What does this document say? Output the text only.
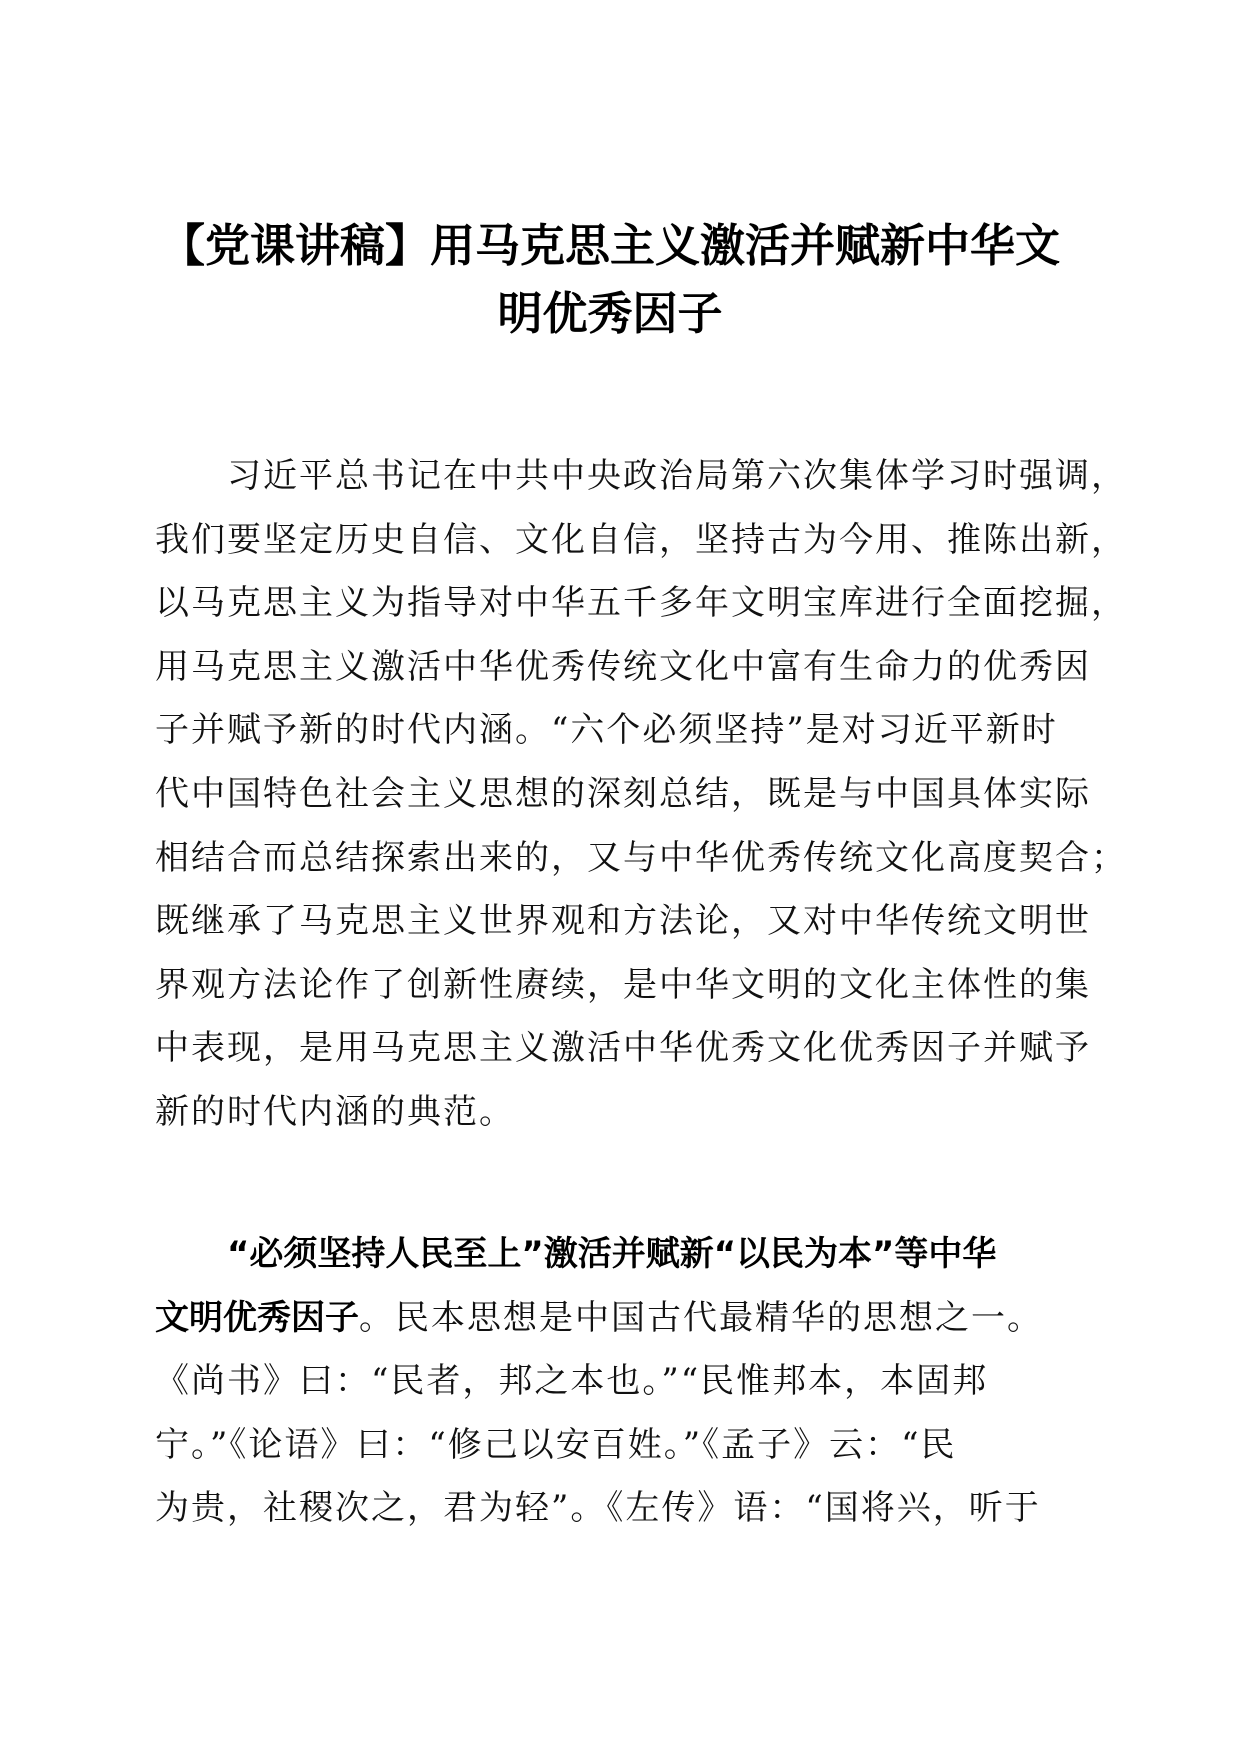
【党课讲稿】用马克思主义激活并赋新中华文
明优秀因子
习近平总书记在中共中央政治局第六次集体学习时强调，
我们要坚定历史自信、文化自信，坚持古为今用、推陈出新，
以马克思主义为指导对中华五千多年文明宝库进行全面挖掘，
用马克思主义激活中华优秀传统文化中富有生命力的优秀因
子并赋予新的时代内涵。“六个必须坚持”是对习近平新时
代中国特色社会主义思想的深刻总结，既是与中国具体实际
相结合而总结探索出来的，又与中华优秀传统文化高度契合；
既继承了马克思主义世界观和方法论，又对中华传统文明世
界观方法论作了创新性赓续，是中华文明的文化主体性的集
中表现，是用马克思主义激活中华优秀文化优秀因子并赋予
新的时代内涵的典范。
“必须坚持人民至上”激活并赋新“以民为本”等中华
文明优秀因子。民本思想是中国古代最精华的思想之一。
《尚书》曰：“民者，邦之本也。”“民惟邦本，本固邦
宁。”《论语》曰：“修己以安百姓。”《孟子》云：“民
为贵，社稷次之，君为轻”。《左传》语：“国将兴，听于
